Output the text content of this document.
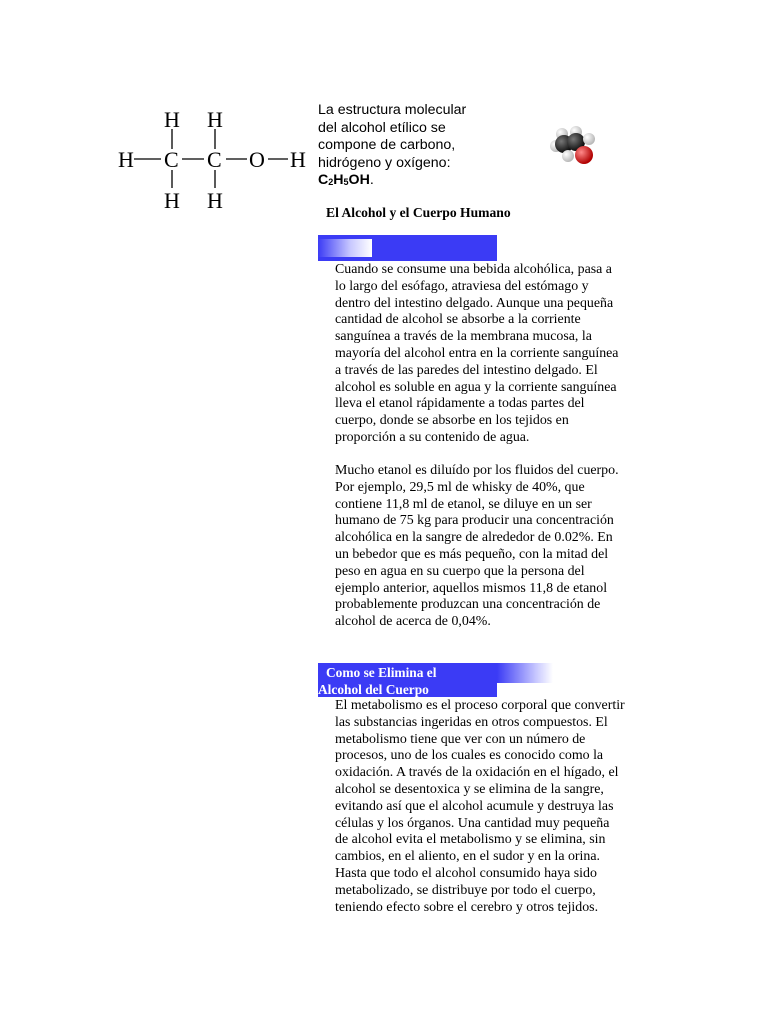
H H
H C C O H
H H
La estructura molecular
del alcohol etílico se
compone de carbono,
hidrógeno y oxígeno:
$C_2H_5OH$.
El Alcohol y el Cuerpo Humano
Cuando se consume una bebida alcohólica, pasa a
lo largo del esófago, atraviesa del estómago y
dentro del intestino delgado. Aunque una pequeña
cantidad de alcohol se absorbe a la corriente
sanguínea a través de la membrana mucosa, la
mayoría del alcohol entra en la corriente sanguínea
a través de las paredes del intestino delgado. El
alcohol es soluble en agua y la corriente sanguínea
lleva el etanol rápidamente a todas partes del
cuerpo, donde se absorbe en los tejidos en
proporción a su contenido de agua.
Mucho etanol es diluído por los fluidos del cuerpo.
Por ejemplo, 29,5 ml de whisky de 40%, que
contiene 11,8 ml de etanol, se diluye en un ser
humano de 75 kg para producir una concentración
alcohólica en la sangre de alrededor de 0.02%. En
un bebedor que es más pequeño, con la mitad del
peso en agua en su cuerpo que la persona del
ejemplo anterior, aquellos mismos 11,8 de etanol
probablemente produzcan una concentración de
alcohol de acerca de 0,04%.
Como se Elimina el
Alcohol del Cuerpo
El metabolismo es el proceso corporal que convertir
las substancias ingeridas en otros compuestos. El
metabolismo tiene que ver con un número de
procesos, uno de los cuales es conocido como la
oxidación. A través de la oxidación en el hígado, el
alcohol se desentoxica y se elimina de la sangre,
evitando así que el alcohol acumule y destruya las
células y los órganos. Una cantidad muy pequeña
de alcohol evita el metabolismo y se elimina, sin
cambios, en el aliento, en el sudor y en la orina.
Hasta que todo el alcohol consumido haya sido
metabolizado, se distribuye por todo el cuerpo,
teniendo efecto sobre el cerebro y otros tejidos.
